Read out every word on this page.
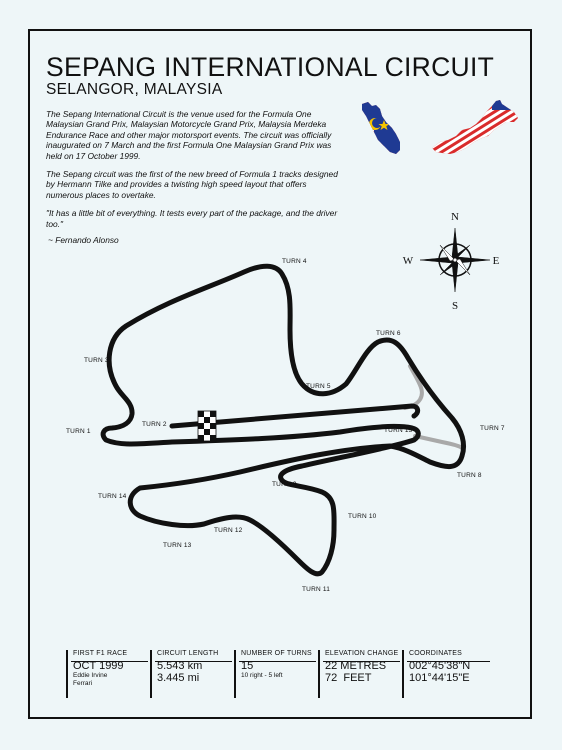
SEPANG INTERNATIONAL CIRCUIT
SELANGOR, MALAYSIA

The Sepang International Circuit is the venue used for the Formula One Malaysian Grand Prix, Malaysian Motorcycle Grand Prix, Malaysia Merdeka Endurance Race and other major motorsport events. The circuit was officially inaugurated on 7 March and the first Formula One Malaysian Grand Prix was held on 17 October 1999.

The Sepang circuit was the first of the new breed of Formula 1 tracks designed by Hermann Tilke and provides a twisting high speed layout that offers numerous places to overtake.

"It has a little bit of everything. It tests every part of the package, and the driver too."

~ Fernando Alonso

N
S
W	E
TURN 1
TURN 2
TURN 3
TURN 4
TURN 5
TURN 6
TURN 7
TURN 8
TURN 9
TURN 10
TURN 11
TURN 12
TURN 13
TURN 14
TURN 15
FIRST F1 RACE
OCT 1999
Eddie Irvine
Ferrari
CIRCUIT LENGTH
5.543 km
3.445 mi
NUMBER OF TURNS
15
10 right - 5 left
ELEVATION CHANGE
22 METRES
72  FEET
COORDINATES
002°45'38"N
101°44'15"E
